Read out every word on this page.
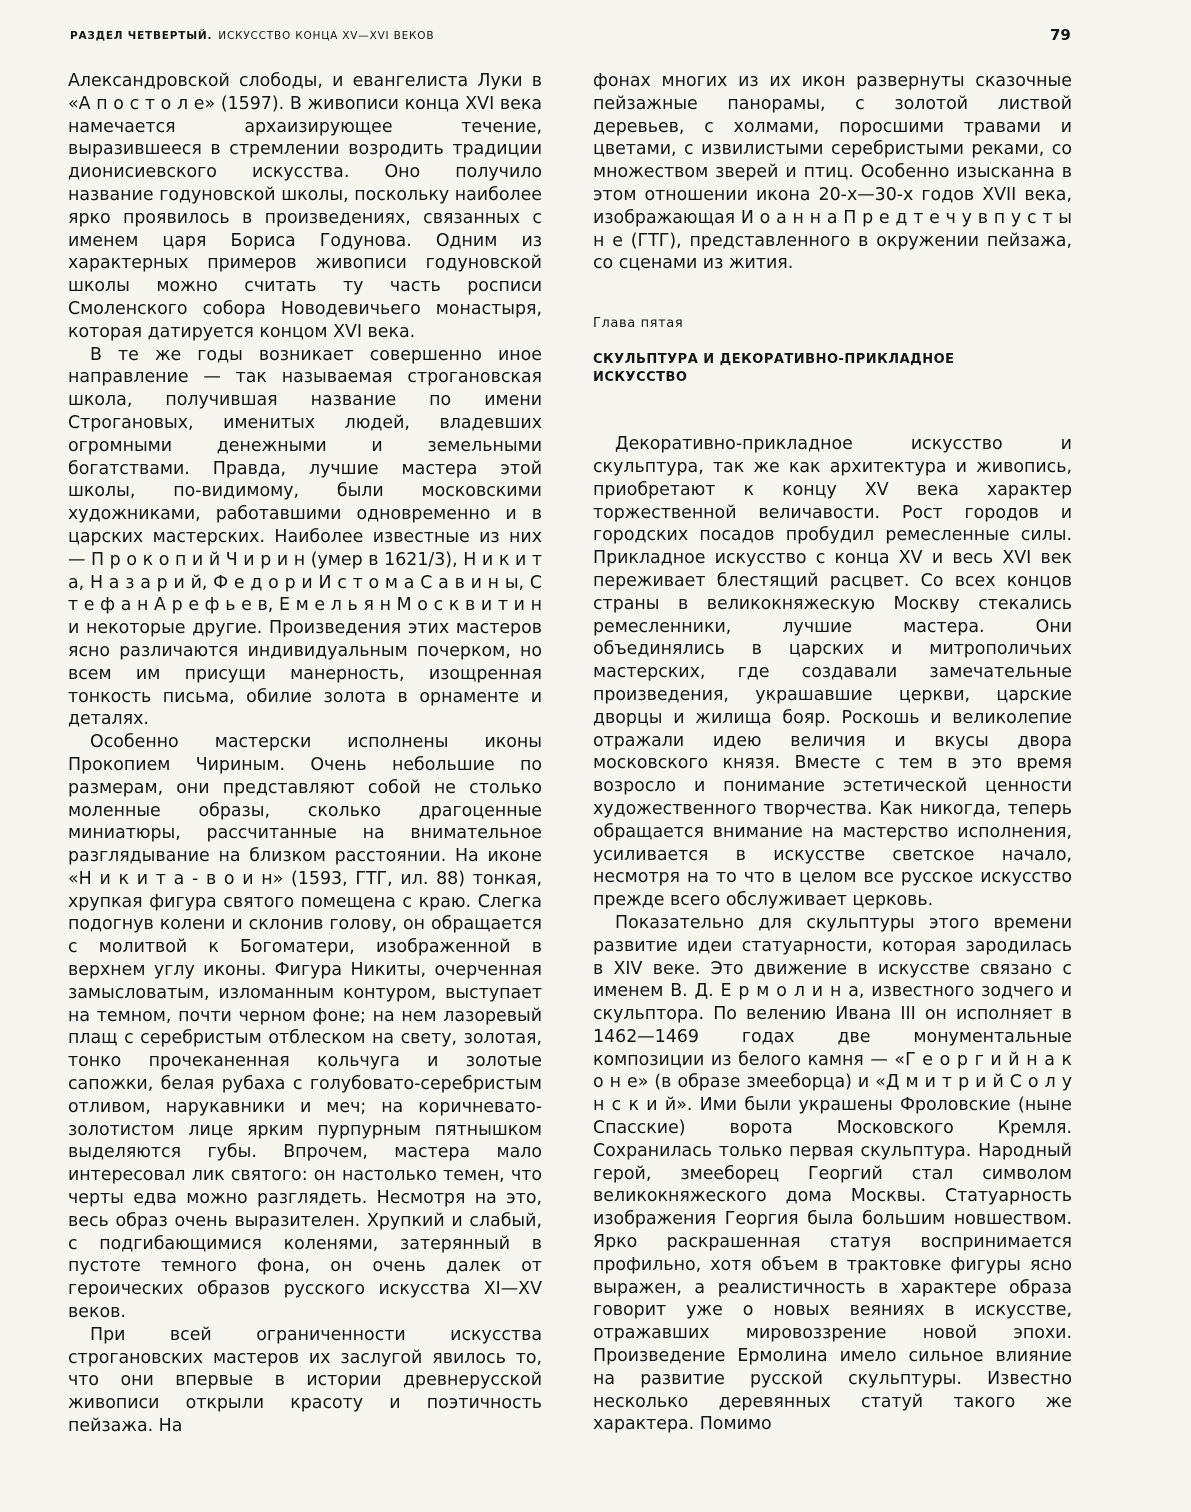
РАЗДЕЛ ЧЕТВЕРТЫЙ. ИСКУССТВО КОНЦА XV—XVI ВЕКОВ	79

Александровской слободы, и евангелиста Луки в «А п о с т о л е» (1597). В живописи конца XVI века намечается архаизирующее течение, выразившееся в стремлении возродить традиции дионисиевского искусства. Оно получило название годуновской школы, поскольку наиболее ярко проявилось в произведениях, связанных с именем царя Бориса Годунова. Одним из характерных примеров живописи годуновской школы можно считать ту часть росписи Смоленского собора Новодевичьего монастыря, которая датируется концом XVI века.

В те же годы возникает совершенно иное направление — так называемая строгановская школа, получившая название по имени Строгановых, именитых людей, владевших огромными денежными и земельными богатствами. Правда, лучшие мастера этой школы, по-видимому, были московскими художниками, работавшими одновременно и в царских мастерских. Наиболее известные из них — П р о к о п и й Ч и р и н (умер в 1621/3), Н и к и т а, Н а з а р и й, Ф е д о р и И с т о м а С а в и н ы, С т е ф а н А р е ф ь е в, Е м е л ь я н М о с к в и т и н и некоторые другие. Произведения этих мастеров ясно различаются индивидуальным почерком, но всем им присущи манерность, изощренная тонкость письма, обилие золота в орнаменте и деталях.

Особенно мастерски исполнены иконы Прокопием Чириным. Очень небольшие по размерам, они представляют собой не столько моленные образы, сколько драгоценные миниатюры, рассчитанные на внимательное разглядывание на близком расстоянии. На иконе «Н и к и т а - в о и н» (1593, ГТГ, ил. 88) тонкая, хрупкая фигура святого помещена с краю. Слегка подогнув колени и склонив голову, он обращается с молитвой к Богоматери, изображенной в верхнем углу иконы. Фигура Никиты, очерченная замысловатым, изломанным контуром, выступает на темном, почти черном фоне; на нем лазоревый плащ с серебристым отблеском на свету, золотая, тонко прочеканенная кольчуга и золотые сапожки, белая рубаха с голубовато-серебристым отливом, нарукавники и меч; на коричневато-золотистом лице ярким пурпурным пятнышком выделяются губы. Впрочем, мастера мало интересовал лик святого: он настолько темен, что черты едва можно разглядеть. Несмотря на это, весь образ очень выразителен. Хрупкий и слабый, с подгибающимися коленями, затерянный в пустоте темного фона, он очень далек от героических образов русского искусства XI—XV веков.

При всей ограниченности искусства строгановских мастеров их заслугой явилось то, что они впервые в истории древнерусской живописи открыли красоту и поэтичность пейзажа. На

фонах многих из их икон развернуты сказочные пейзажные панорамы, с золотой листвой деревьев, с холмами, поросшими травами и цветами, с извилистыми серебристыми реками, со множеством зверей и птиц. Особенно изысканна в этом отношении икона 20-х—30-х годов XVII века, изображающая И о а н н а П р е д т е ч у в п у с т ы н е (ГТГ), представленного в окружении пейзажа, со сценами из жития.

Глава пятая
СКУЛЬПТУРА И ДЕКОРАТИВНО-ПРИКЛАДНОЕ ИСКУССТВО

Декоративно-прикладное искусство и скульптура, так же как архитектура и живопись, приобретают к концу XV века характер торжественной величавости. Рост городов и городских посадов пробудил ремесленные силы. Прикладное искусство с конца XV и весь XVI век переживает блестящий расцвет. Со всех концов страны в великокняжескую Москву стекались ремесленники, лучшие мастера. Они объединялись в царских и митрополичьих мастерских, где создавали замечательные произведения, украшавшие церкви, царские дворцы и жилища бояр. Роскошь и великолепие отражали идею величия и вкусы двора московского князя. Вместе с тем в это время возросло и понимание эстетической ценности художественного творчества. Как никогда, теперь обращается внимание на мастерство исполнения, усиливается в искусстве светское начало, несмотря на то что в целом все русское искусство прежде всего обслуживает церковь.

Показательно для скульптуры этого времени развитие идеи статуарности, которая зародилась в XIV веке. Это движение в искусстве связано с именем В. Д. Е р м о л и н а, известного зодчего и скульптора. По велению Ивана III он исполняет в 1462—1469 годах две монументальные композиции из белого камня — «Г е о р г и й н а к о н е» (в образе змееборца) и «Д м и т р и й С о л у н с к и й». Ими были украшены Фроловские (ныне Спасские) ворота Московского Кремля. Сохранилась только первая скульптура. Народный герой, змееборец Георгий стал символом великокняжеского дома Москвы. Статуарность изображения Георгия была большим новшеством. Ярко раскрашенная статуя воспринимается профильно, хотя объем в трактовке фигуры ясно выражен, а реалистичность в характере образа говорит уже о новых веяниях в искусстве, отражавших мировоззрение новой эпохи. Произведение Ермолина имело сильное влияние на развитие русской скульптуры. Известно несколько деревянных статуй такого же характера. Помимо
